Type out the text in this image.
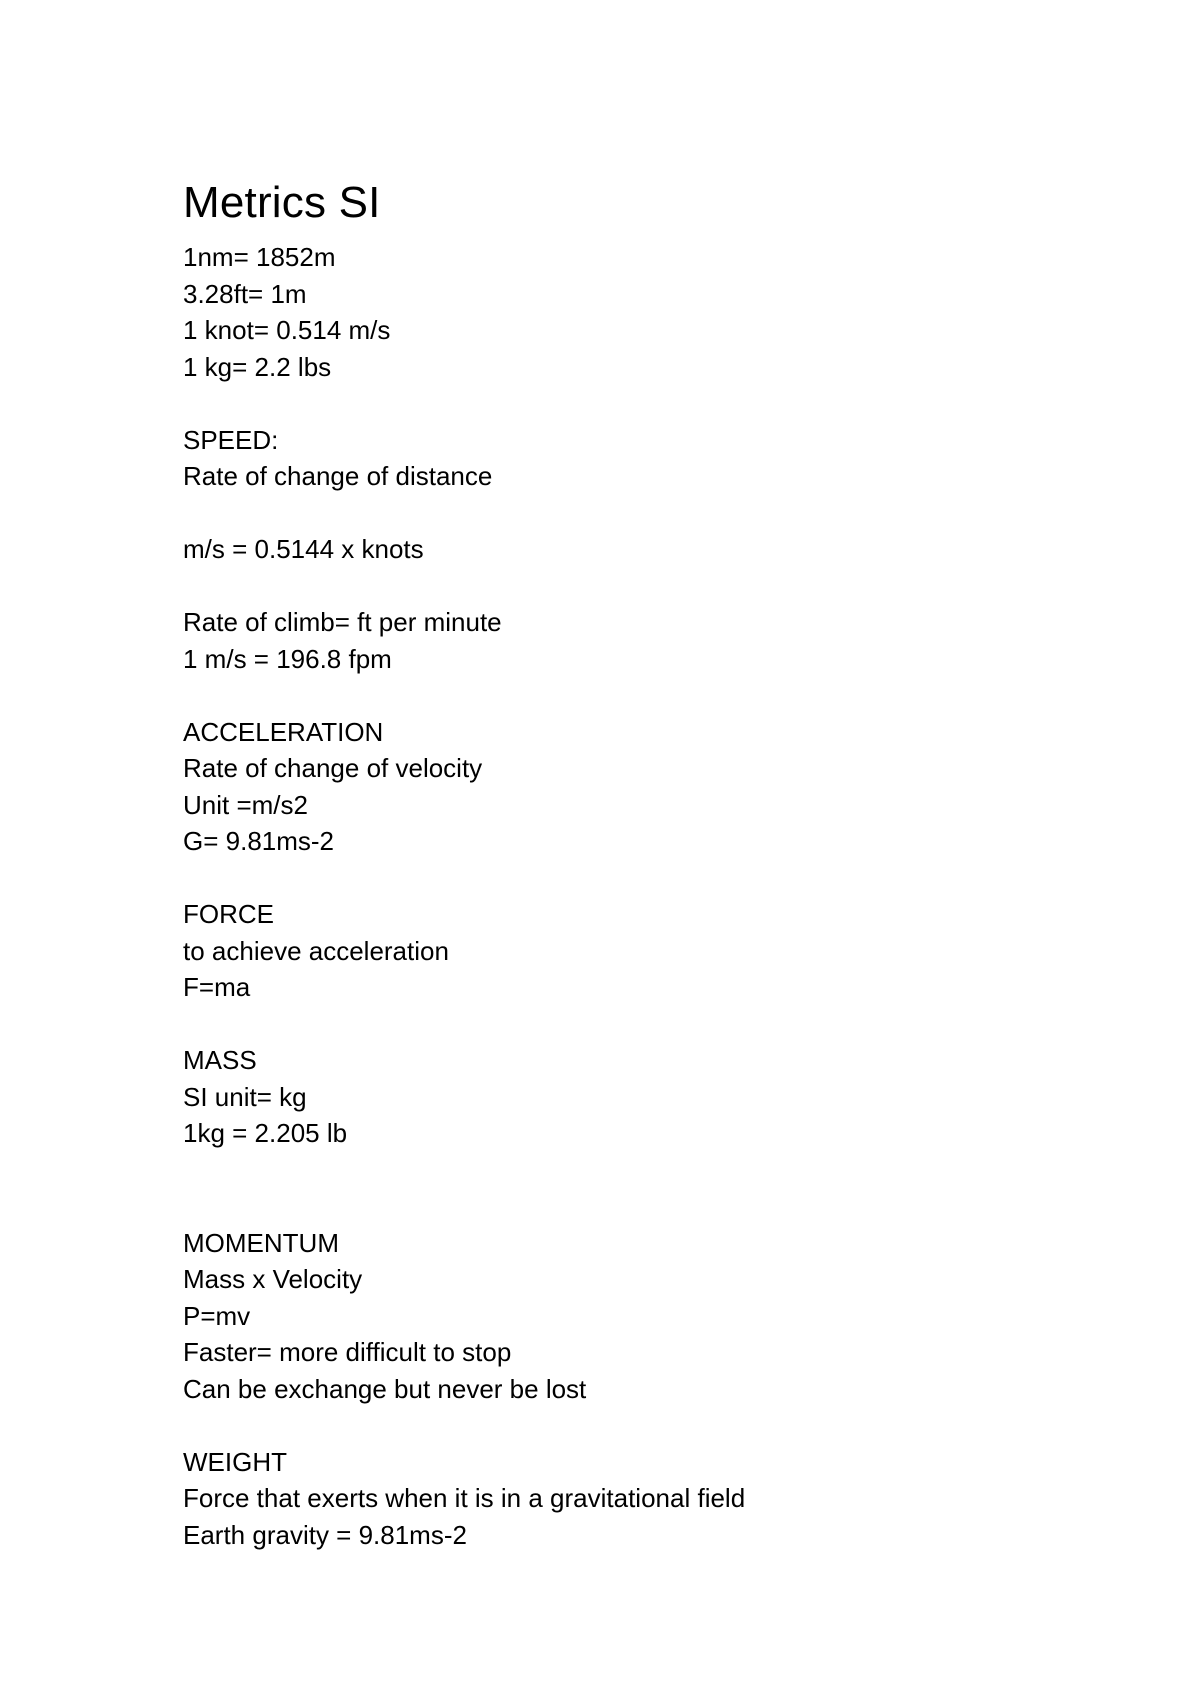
Metrics SI
1nm= 1852m
3.28ft= 1m
1 knot= 0.514 m/s
1 kg= 2.2 lbs
SPEED:
Rate of change of distance
m/s = 0.5144 x knots
Rate of climb= ft per minute
1 m/s = 196.8 fpm
ACCELERATION
Rate of change of velocity
Unit =m/s2
G= 9.81ms-2
FORCE
to achieve acceleration
F=ma
MASS
SI unit= kg
1kg = 2.205 lb
MOMENTUM
Mass x Velocity
P=mv
Faster= more difficult to stop
Can be exchange but never be lost
WEIGHT
Force that exerts when it is in a gravitational field
Earth gravity = 9.81ms-2
